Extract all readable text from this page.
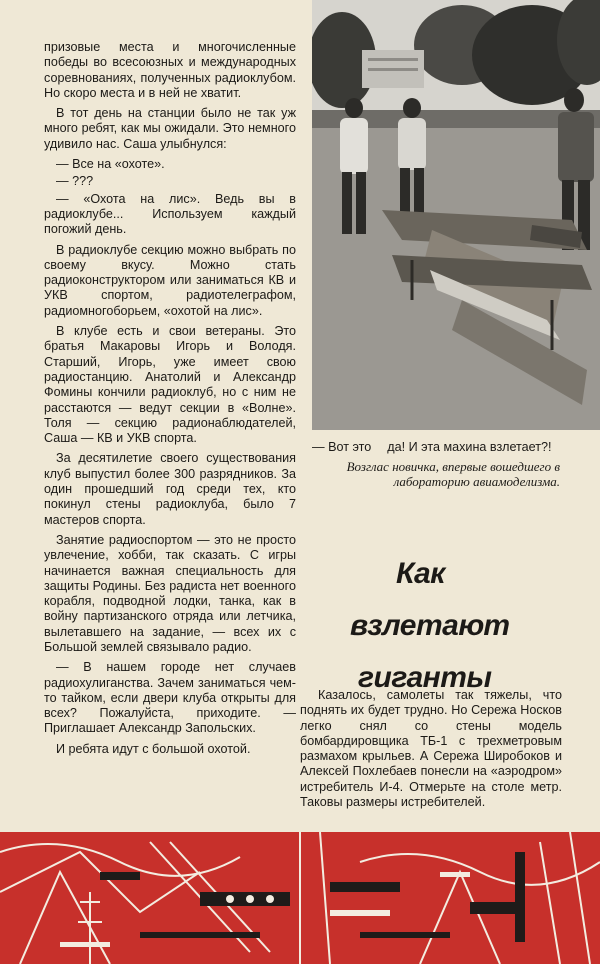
призовые места и многочисленные победы во всесоюзных и международных соревнованиях, полученных радиоклубом. Но скоро места и в ней не хватит.

В тот день на станции было не так уж много ребят, как мы ожидали. Это немного удивило нас. Саша улыбнулся:

— Все на «охоте».

— ???

— «Охота на лис». Ведь вы в радиоклубе... Используем каждый погожий день.

В радиоклубе секцию можно выбрать по своему вкусу. Можно стать радиоконструктором или заниматься КВ и УКВ спортом, радиотелеграфом, радиомногоборьем, «охотой на лис».

В клубе есть и свои ветераны. Это братья Макаровы Игорь и Володя. Старший, Игорь, уже имеет свою радиостанцию. Анатолий и Александр Фомины кончили радиоклуб, но с ним не расстаются — ведут секции в «Волне». Толя — секцию радионаблюдателей, Саша — КВ и УКВ спорта.

За десятилетие своего существования клуб выпустил более 300 разрядников. За один прошедший год среди тех, кто покинул стены радиоклуба, было 7 мастеров спорта.

Занятие радиоспортом — это не просто увлечение, хобби, так сказать. С игры начинается важная специальность для защиты Родины. Без радиста нет военного корабля, подводной лодки, танка, как в войну партизанского отряда или летчика, вылетавшего на задание, — всех их с Большой землей связывало радио.

— В нашем городе нет случаев радиохулиганства. Зачем заниматься чем-то тайком, если двери клуба открыты для всех? Пожалуйста, приходите. — Приглашает Александр Запольских.

И ребята идут с большой охотой.

— Вот это да! И эта махина взлетает?!

Возглас новичка, впервые вошедшего в лабораторию авиамоделизма.

Как
взлетают
гиганты

Казалось, самолеты так тяжелы, что поднять их будет трудно. Но Сережа Носков легко снял со стены модель бомбардировщика ТБ-1 с трехметровым размахом крыльев. А Сережа Широбоков и Алексей Похлебаев понесли на «аэродром» истребитель И-4. Отмерьте на столе метр. Таковы размеры истребителей.
